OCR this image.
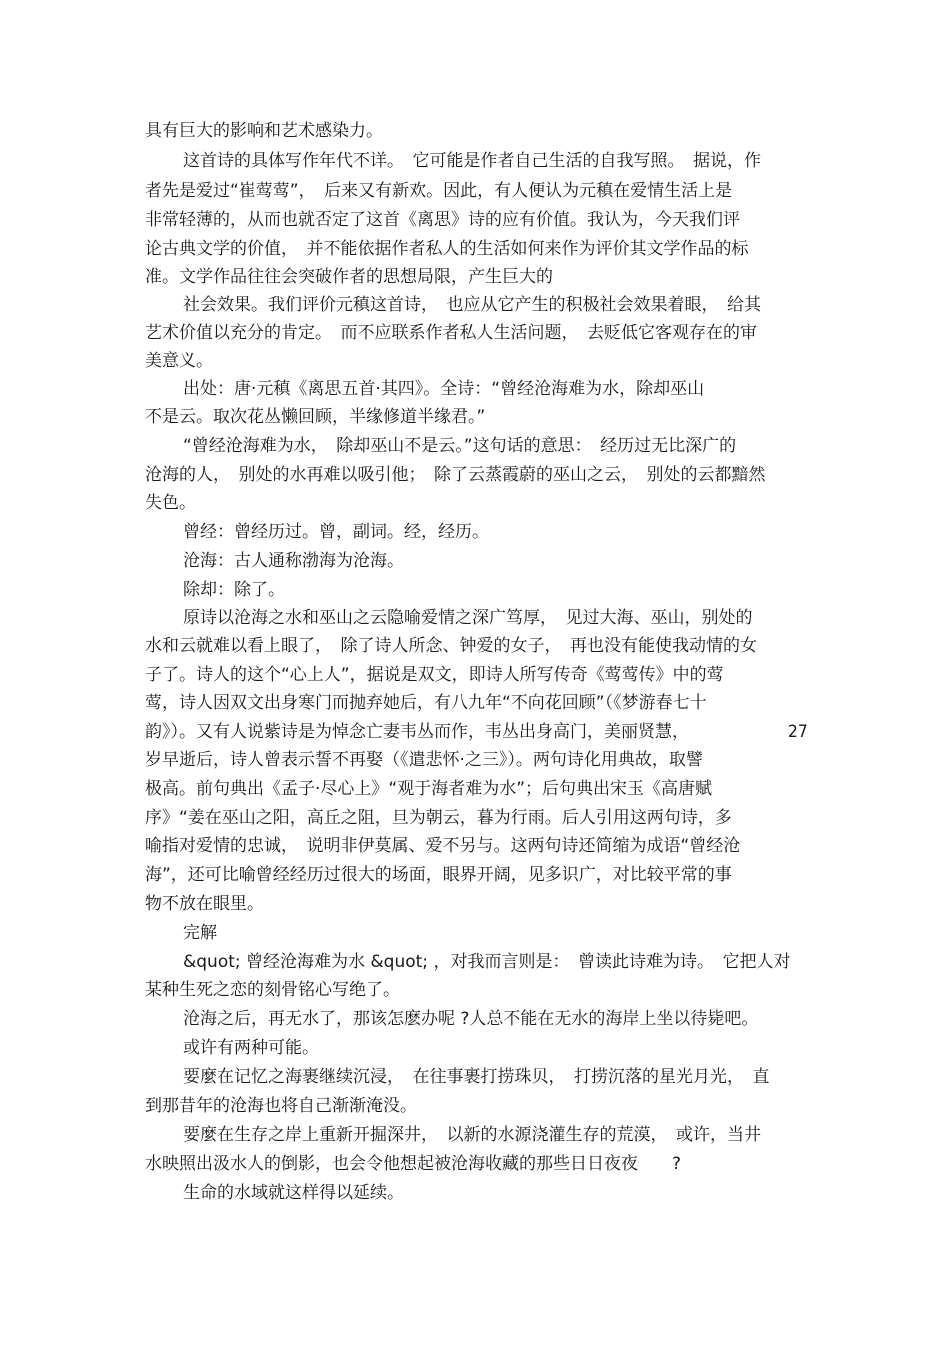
具有巨大的影响和艺术感染力。
这首诗的具体写作年代不详。　它可能是作者自己生活的自我写照。　据说，作
者先是爱过“崔莺莺”，　后来又有新欢。因此，有人便认为元稹在爱情生活上是
非常轻薄的，从而也就否定了这首《离思》诗的应有价值。我认为，今天我们评
论古典文学的价值，　并不能依据作者私人的生活如何来作为评价其文学作品的标
准。文学作品往往会突破作者的思想局限，产生巨大的
社会效果。我们评价元稹这首诗，　也应从它产生的积极社会效果着眼，　给其
艺术价值以充分的肯定。　而不应联系作者私人生活问题，　去贬低它客观存在的审
美意义。
出处：唐·元稹《离思五首·其四》。全诗：“曾经沧海难为水，除却巫山
不是云。取次花丛懒回顾，半缘修道半缘君。”
“曾经沧海难为水，　除却巫山不是云。”这句话的意思：　经历过无比深广的
沧海的人，　别处的水再难以吸引他；　除了云蒸霞蔚的巫山之云，　别处的云都黯然
失色。
曾经：曾经历过。曾，副词。经，经历。
沧海：古人通称渤海为沧海。
除却：除了。
原诗以沧海之水和巫山之云隐喻爱情之深广笃厚，　见过大海、巫山，别处的
水和云就难以看上眼了，　除了诗人所念、钟爱的女子，　再也没有能使我动情的女
子了。诗人的这个“心上人”，据说是双文，即诗人所写传奇《莺莺传》中的莺
莺，诗人因双文出身寒门而抛弃她后，有八九年“不向花回顾”（《梦游春七十
韵》）。又有人说紫诗是为悼念亡妻韦丛而作，韦丛出身高门，美丽贤慧，	27
岁早逝后，诗人曾表示誓不再娶（《遣悲怀·之三》）。两句诗化用典故，取譬
极高。前句典出《孟子·尽心上》“观于海者难为水”；后句典出宋玉《高唐赋
序》“姜在巫山之阳，高丘之阻，旦为朝云，暮为行雨。后人引用这两句诗，多
喻指对爱情的忠诚，　说明非伊莫属、爱不另与。这两句诗还简缩为成语“曾经沧
海”，还可比喻曾经经历过很大的场面，眼界开阔，见多识广，对比较平常的事
物不放在眼里。
完解
&quot; 曾经沧海难为水 &quot; ，对我而言则是：　曾读此诗难为诗。　它把人对
某种生死之恋的刻骨铭心写绝了。
沧海之后，再无水了，那该怎麽办呢 ?人总不能在无水的海岸上坐以待毙吧。
或许有两种可能。
要麼在记忆之海裹继续沉浸，　在往事裹打捞珠贝，　打捞沉落的星光月光，　直
到那昔年的沧海也将自己渐渐淹没。
要麼在生存之岸上重新开掘深井，　以新的水源浇灌生存的荒漠，　或许，当井
水映照出汲水人的倒影，也会令他想起被沧海收藏的那些日日夜夜　　?
生命的水域就这样得以延续。
